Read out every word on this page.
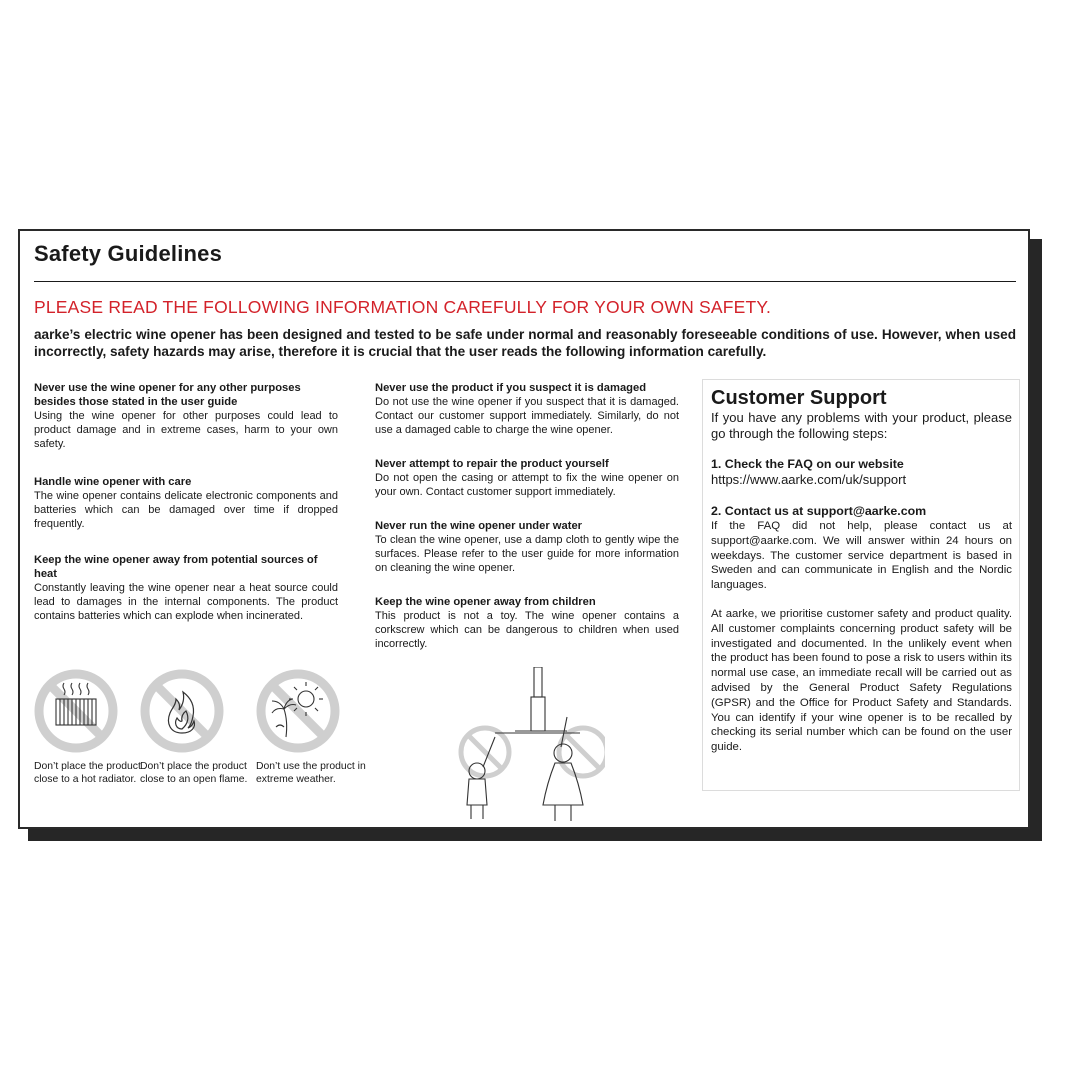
Safety Guidelines
PLEASE READ THE FOLLOWING INFORMATION CAREFULLY FOR YOUR OWN SAFETY.
aarke’s electric wine opener has been designed and tested to be safe under normal and reasonably foreseeable conditions of use. However, when used incorrectly, safety hazards may arise, therefore it is crucial that the user reads the following information carefully.

Never use the wine opener for any other purposes besides those stated in the user guide

Using the wine opener for other purposes could lead to product damage and in extreme cases, harm to your own safety.

Handle wine opener with care

The wine opener contains delicate electronic components and batteries which can be damaged over time if dropped frequently.

Keep the wine opener away from potential sources of heat

Constantly leaving the wine opener near a heat source could lead to damages in the internal components. The product contains batteries which can explode when incinerated.

Never use the product if you suspect it is damaged

Do not use the wine opener if you suspect that it is damaged. Contact our customer support immediately. Similarly, do not use a damaged cable to charge the wine opener.

Never attempt to repair the product yourself

Do not open the casing or attempt to fix the wine opener on your own. Contact customer support immediately.

Never run the wine opener under water

To clean the wine opener, use a damp cloth to gently wipe the surfaces. Please refer to the user guide for more information on cleaning the wine opener.

Keep the wine opener away from children

This product is not a toy. The wine opener contains a corkscrew which can be dangerous to children when used incorrectly.

Don’t place the product close to a hot radiator.
Don’t place the product close to an open flame.
Don’t use the product in extreme weather.

Customer Support

If you have any problems with your product, please go through the following steps:

1. Check the FAQ on our website

https://www.aarke.com/uk/support

2. Contact us at support@aarke.com

If the FAQ did not help, please contact us at support@aarke.com. We will answer within 24 hours on weekdays. The customer service department is based in Sweden and can communicate in English and the Nordic languages.

At aarke, we prioritise customer safety and product quality. All customer complaints concerning product safety will be investigated and documented. In the unlikely event when the product has been found to pose a risk to users within its normal use case, an immediate recall will be carried out as advised by the General Product Safety Regulations (GPSR) and the Office for Product Safety and Standards. You can identify if your wine opener is to be recalled by checking its serial number which can be found on the user guide.
